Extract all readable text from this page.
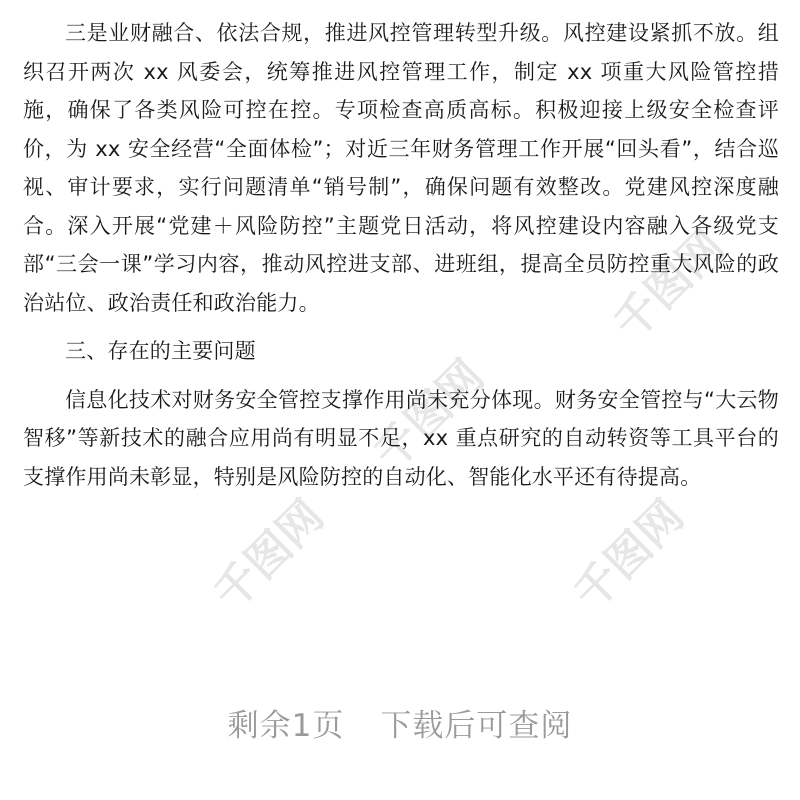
千图网
千图网
千图网
千图网

三是业财融合、依法合规，推进风控管理转型升级。风控建设紧抓不放。组织召开两次 xx 风委会，统筹推进风控管理工作，制定 xx 项重大风险管控措施，确保了各类风险可控在控。专项检查高质高标。积极迎接上级安全检查评价，为 xx 安全经营“全面体检”；对近三年财务管理工作开展“回头看”，结合巡视、审计要求，实行问题清单“销号制”，确保问题有效整改。党建风控深度融合。深入开展“党建＋风险防控”主题党日活动，将风控建设内容融入各级党支部“三会一课”学习内容，推动风控进支部、进班组，提高全员防控重大风险的政治站位、政治责任和政治能力。

三、存在的主要问题

信息化技术对财务安全管控支撑作用尚未充分体现。财务安全管控与“大云物智移”等新技术的融合应用尚有明显不足，xx 重点研究的自动转资等工具平台的支撑作用尚未彰显，特别是风险防控的自动化、智能化水平还有待提高。

剩余1页 下载后可查阅
